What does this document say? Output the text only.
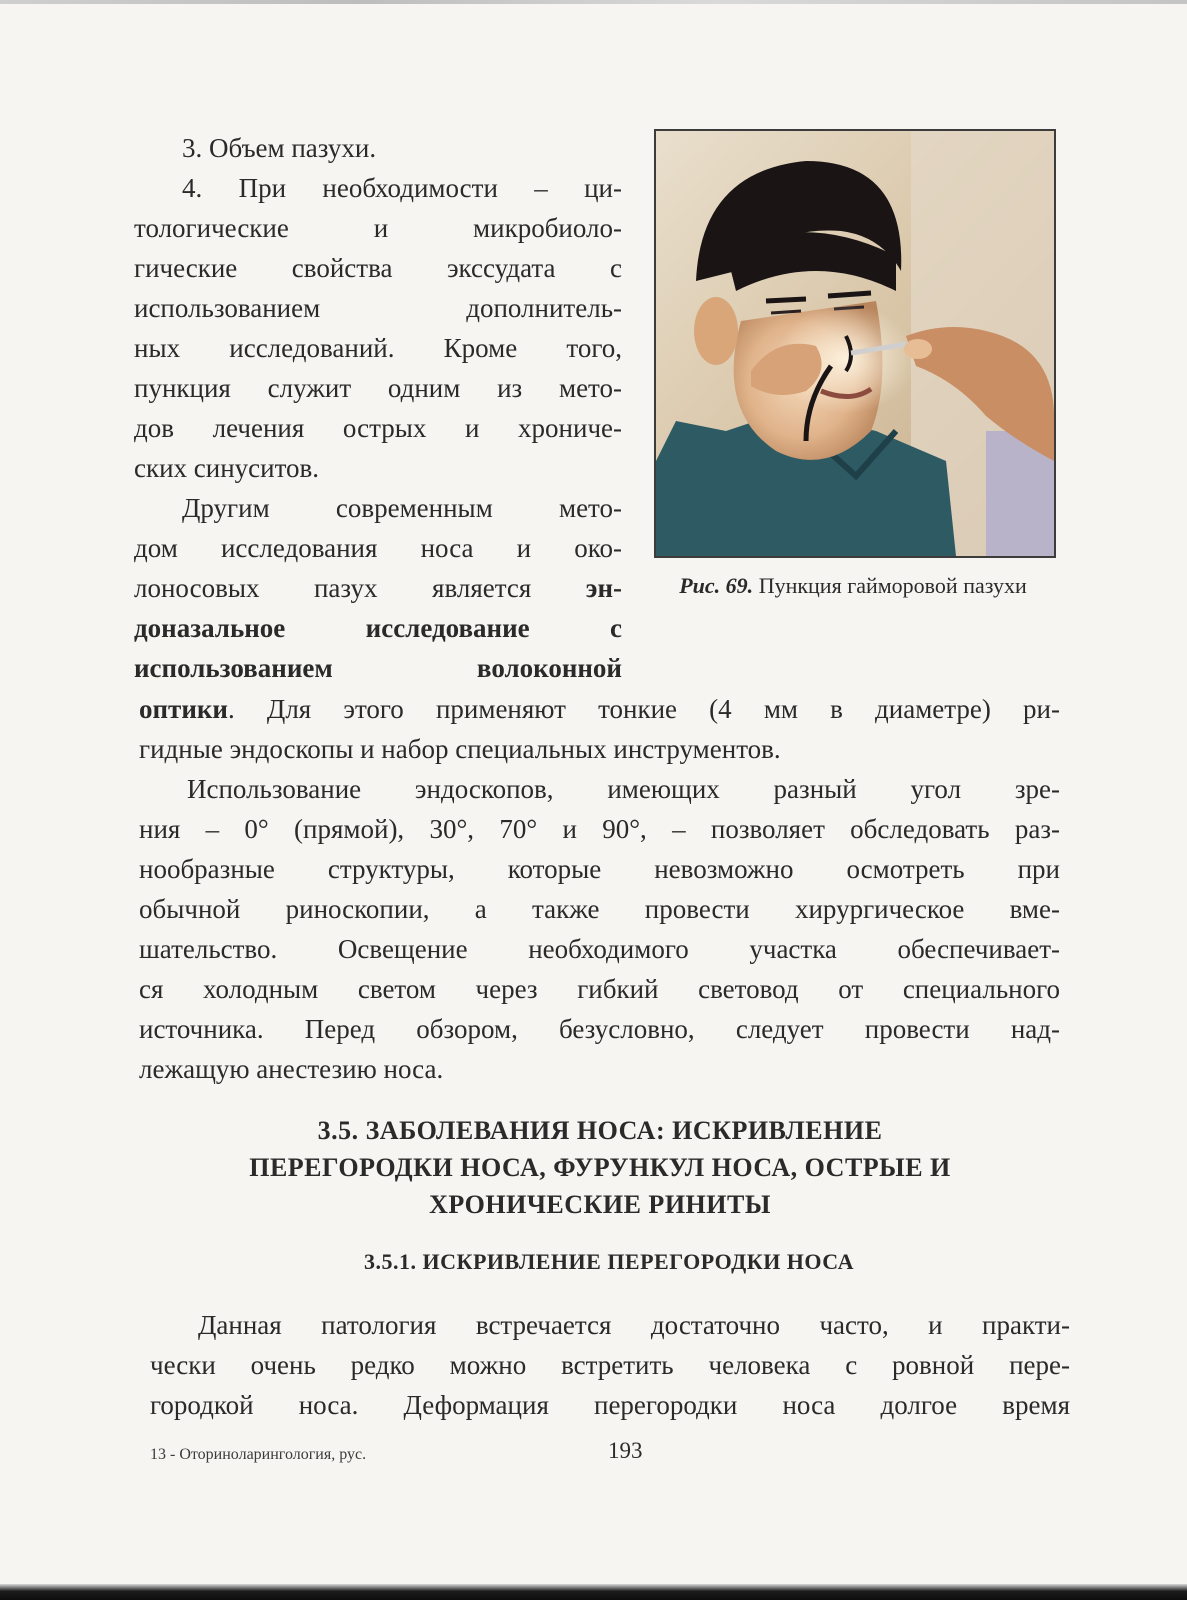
3. Объем пазухи.
4. При необходимости – ци-
тологические и микробиоло-
гические свойства экссудата с
использованием дополнитель-
ных исследований. Кроме того,
пункция служит одним из мето-
дов лечения острых и хрониче-
ских синуситов.
Другим современным мето-
дом исследования носа и око-
лоносовых пазух является эн-
доназальное исследование с
использованием волоконной
Рис. 69. Пункция гайморовой пазухи
оптики. Для этого применяют тонкие (4 мм в диаметре) ри-
гидные эндоскопы и набор специальных инструментов.
Использование эндоскопов, имеющих разный угол зре-
ния – 0° (прямой), 30°, 70° и 90°, – позволяет обследовать раз-
нообразные структуры, которые невозможно осмотреть при
обычной риноскопии, а также провести хирургическое вме-
шательство. Освещение необходимого участка обеспечивает-
ся холодным светом через гибкий световод от специального
источника. Перед обзором, безусловно, следует провести над-
лежащую анестезию носа.
3.5. ЗАБОЛЕВАНИЯ НОСА: ИСКРИВЛЕНИЕ
ПЕРЕГОРОДКИ НОСА, ФУРУНКУЛ НОСА, ОСТРЫЕ И
ХРОНИЧЕСКИЕ РИНИТЫ
3.5.1. ИСКРИВЛЕНИЕ ПЕРЕГОРОДКИ НОСА
Данная патология встречается достаточно часто, и практи-
чески очень редко можно встретить человека с ровной пере-
городкой носа. Деформация перегородки носа долгое время
13 - Оториноларингология, рус.	193
